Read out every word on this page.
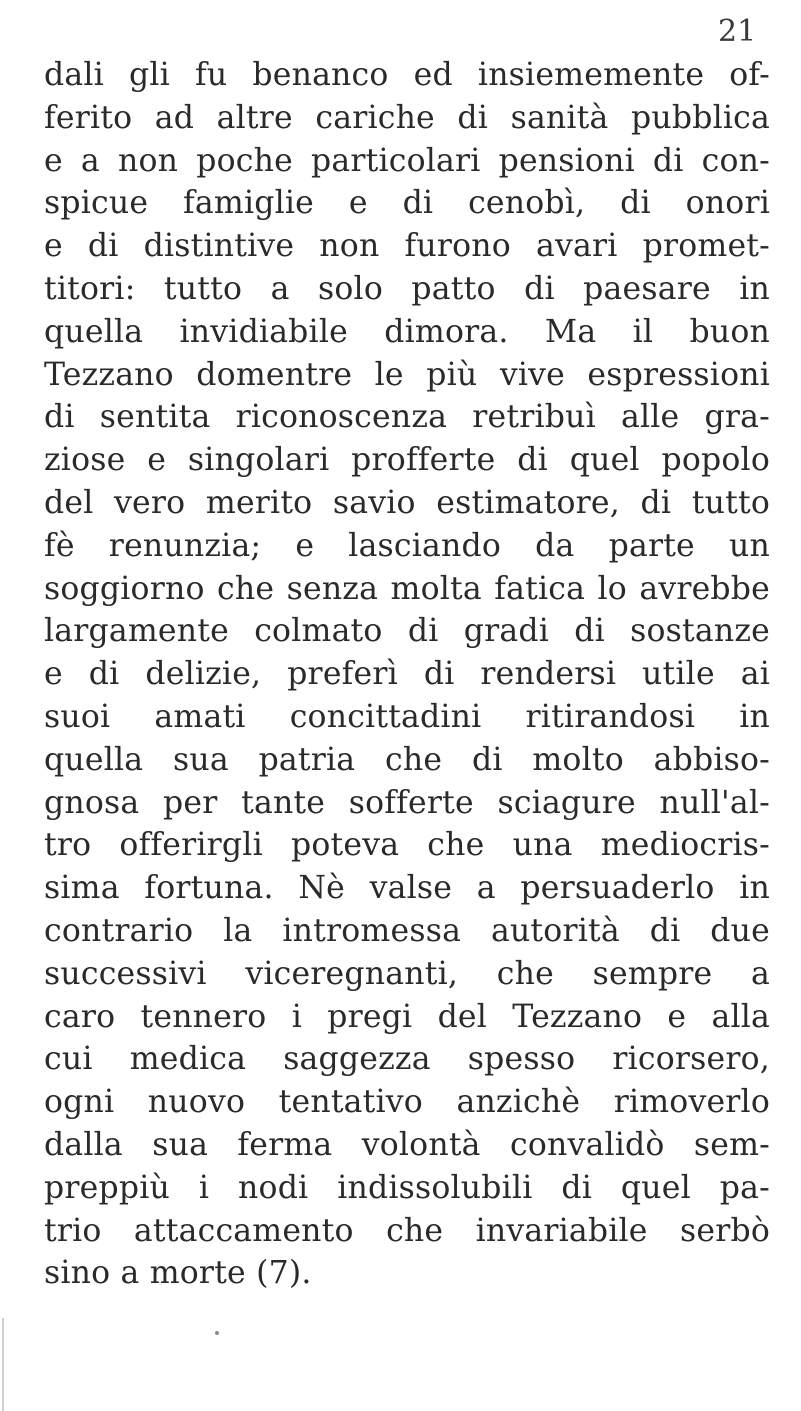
21
dali gli fu benanco ed insiememente of-
ferito ad altre cariche di sanità pubblica
e a non poche particolari pensioni di con-
spicue famiglie e di cenobì, di onori
e di distintive non furono avari promet-
titori: tutto a solo patto di paesare in
quella invidiabile dimora. Ma il buon
Tezzano domentre le più vive espressioni
di sentita riconoscenza retribuì alle gra-
ziose e singolari profferte di quel popolo
del vero merito savio estimatore, di tutto
fè renunzia; e lasciando da parte un
soggiorno che senza molta fatica lo avrebbe
largamente colmato di gradi di sostanze
e di delizie, preferì di rendersi utile ai
suoi amati concittadini ritirandosi in
quella sua patria che di molto abbiso-
gnosa per tante sofferte sciagure null'al-
tro offerirgli poteva che una mediocris-
sima fortuna. Nè valse a persuaderlo in
contrario la intromessa autorità di due
successivi viceregnanti, che sempre a
caro tennero i pregi del Tezzano e alla
cui medica saggezza spesso ricorsero,
ogni nuovo tentativo anzichè rimoverlo
dalla sua ferma volontà convalidò sem-
preppiù i nodi indissolubili di quel pa-
trio attaccamento che invariabile serbò
sino a morte (7).
